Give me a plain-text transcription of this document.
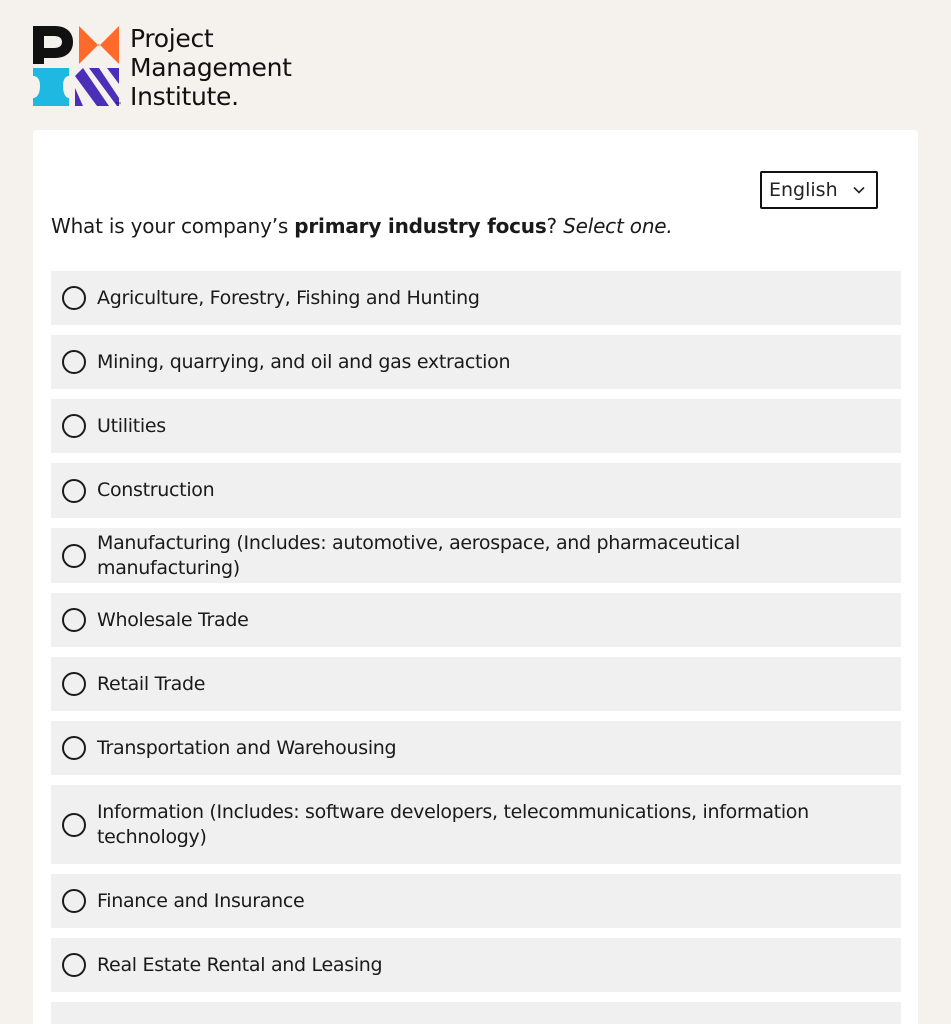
™
Project
Management
Institute.
English
What is your company’s primary industry focus? Select one.
Agriculture, Forestry, Fishing and Hunting
Mining, quarrying, and oil and gas extraction
Utilities
Construction
Manufacturing (Includes: automotive, aerospace, and pharmaceutical manufacturing)
Wholesale Trade
Retail Trade
Transportation and Warehousing
Information (Includes: software developers, telecommunications, information technology)
Finance and Insurance
Real Estate Rental and Leasing
